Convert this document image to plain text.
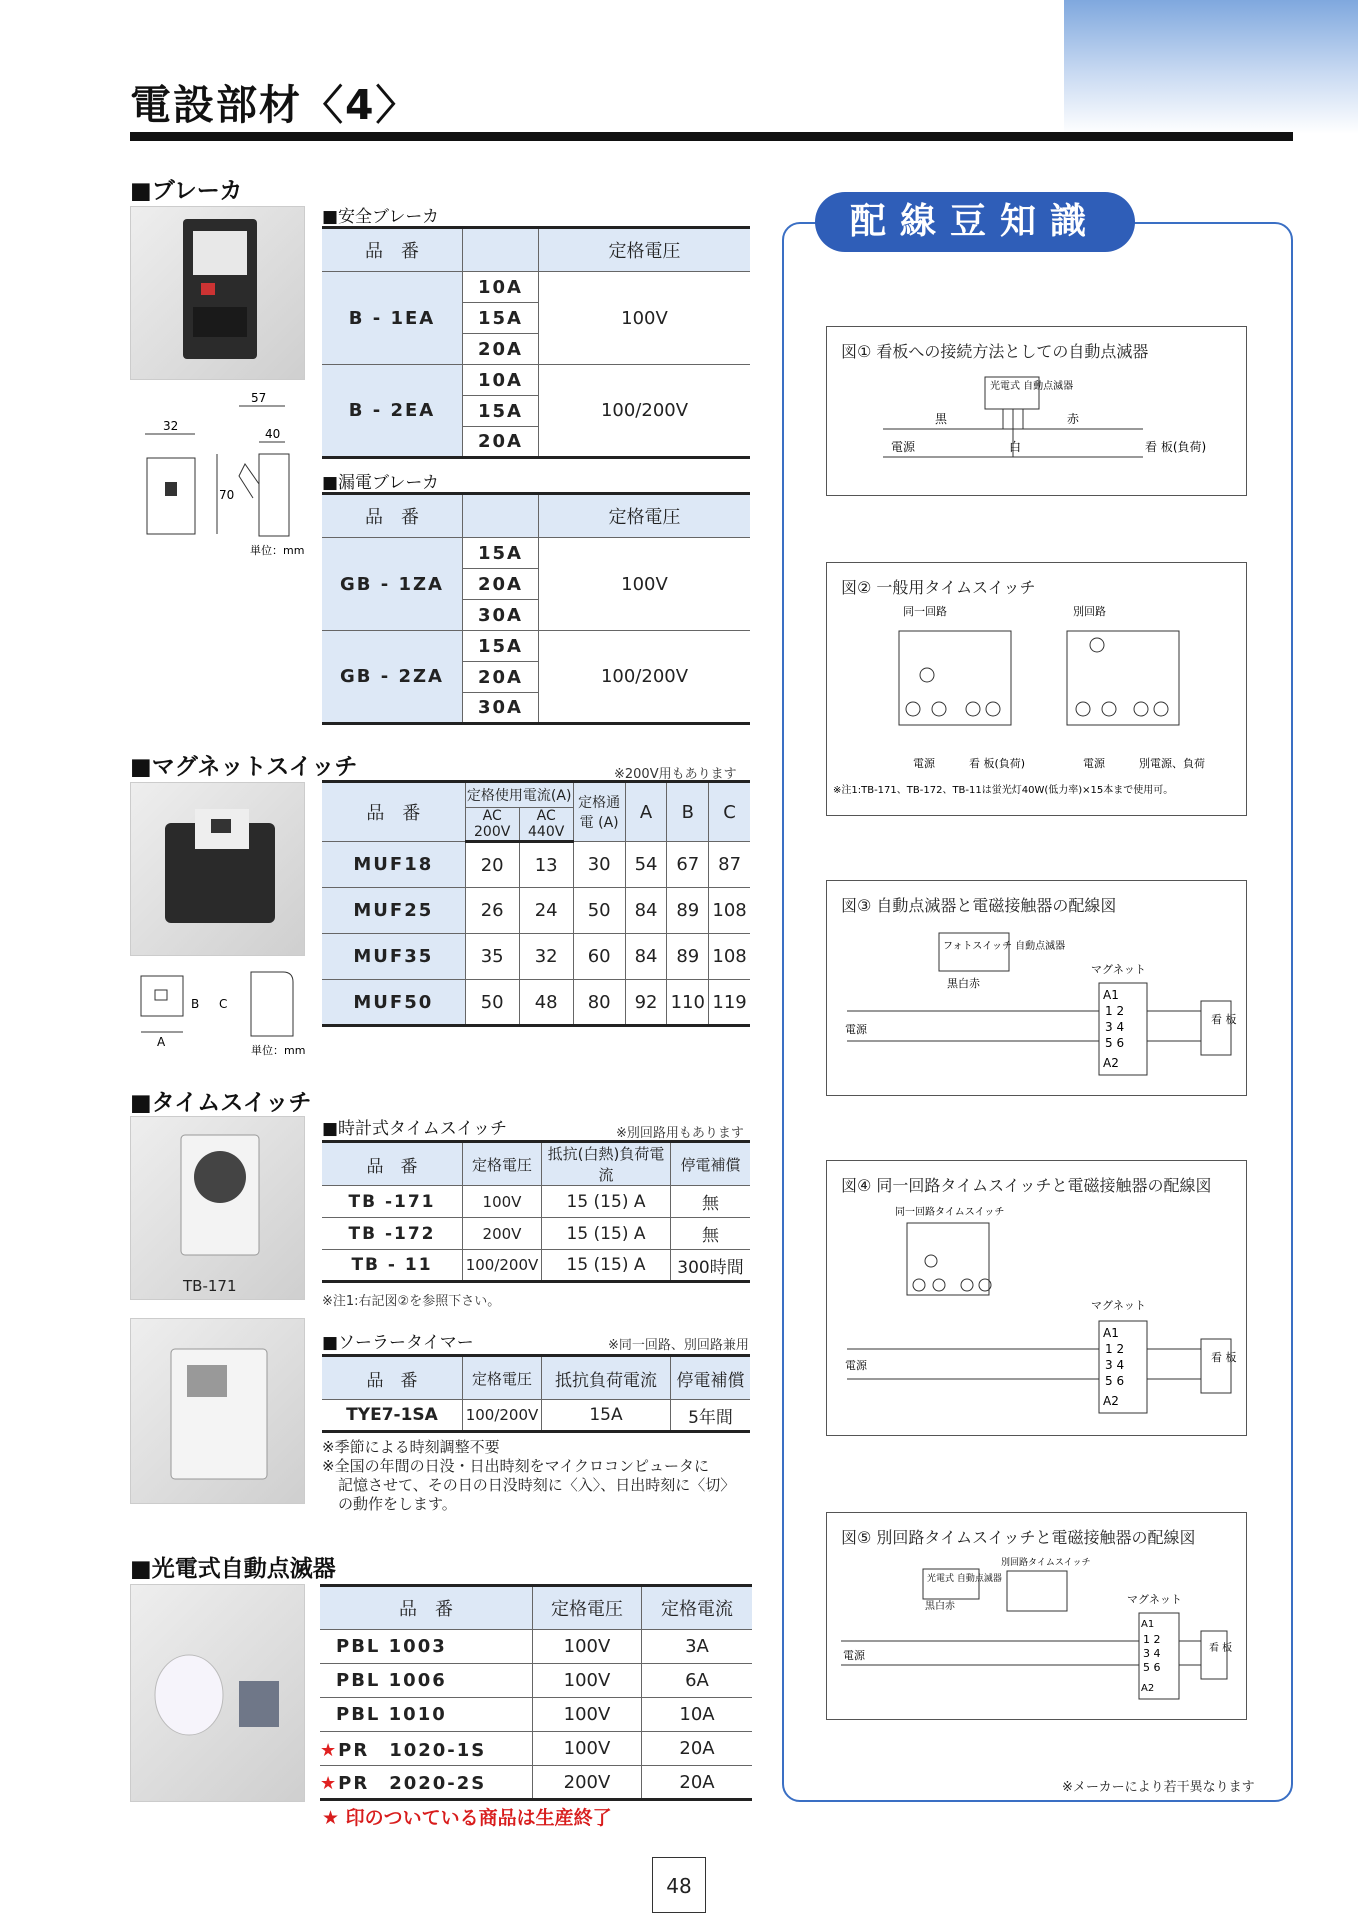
電設部材〈4〉
■ブレーカ
32
57
40
70
単位：mm
■安全ブレーカ
品　番		定格電圧
B - 1EA	10A	100V
	15A	
	20A	
B - 2EA	10A	100/200V
	15A	
	20A	
■漏電ブレーカ
品　番		定格電圧
GB - 1ZA	15A	100V
	20A	
	30A	
GB - 2ZA	15A	100/200V
	20A	
	30A	
■マグネットスイッチ	※200V用もあります
B
A
C
単位：mm
品　番	定格使用電流(A)		定格通電 (A)	A	B	C
	AC 200V	AC 440V				
MUF18	20	13	30	54	67	87
MUF25	26	24	50	84	89	108
MUF35	35	32	60	84	89	108
MUF50	50	48	80	92	110	119
■タイムスイッチ
■時計式タイムスイッチ	※別回路用もあります
TB-171
品　番	定格電圧	抵抗(白熱)負荷電流	停電補償
TB -171	100V	15 (15) A	無
TB -172	200V	15 (15) A	無
TB - 11	100/200V	15 (15) A	300時間
※注1:右記図②を参照下さい。
■ソーラータイマー	※同一回路、別回路兼用
品　番	定格電圧	抵抗負荷電流	停電補償
TYE7-1SA	100/200V	15A	5年間
※季節による時刻調整不要
※全国の年間の日没・日出時刻をマイクロコンピュータに
記憶させて、その日の日没時刻に〈入〉、日出時刻に〈切〉
の動作をします。
■光電式自動点滅器
品　番	定格電圧	定格電流
PBL 1003	100V	3A
PBL 1006	100V	6A
PBL 1010	100V	10A
★PR　1020-1S	100V	20A
★PR　2020-2S	200V	20A
★ 印のついている商品は生産終了
配線豆知識
図① 看板への接続方法としての自動点滅器
光電式 自動点滅器
黒	赤
白
電源	看 板(負荷)
図② 一般用タイムスイッチ
同一回路	別回路
電源	看 板(負荷)	電源	別電源、負荷
※注1:TB-171、TB-172、TB-11は蛍光灯40W(低力率)×15本まで使用可。
図③ 自動点滅器と電磁接触器の配線図
フォトスイッチ 自動点滅器
黒白赤
マグネット
A1
1 2
3 4
5 6
A2
看 板
電源
図④ 同一回路タイムスイッチと電磁接触器の配線図
同一回路タイムスイッチ
マグネット
A1
1 2
3 4
5 6
A2
看 板
電源
図⑤ 別回路タイムスイッチと電磁接触器の配線図
光電式 自動点滅器
別回路タイムスイッチ
黒白赤
マグネット
A1
1 2
3 4
5 6
A2
看 板
電源
※メーカーにより若干異なります
48
